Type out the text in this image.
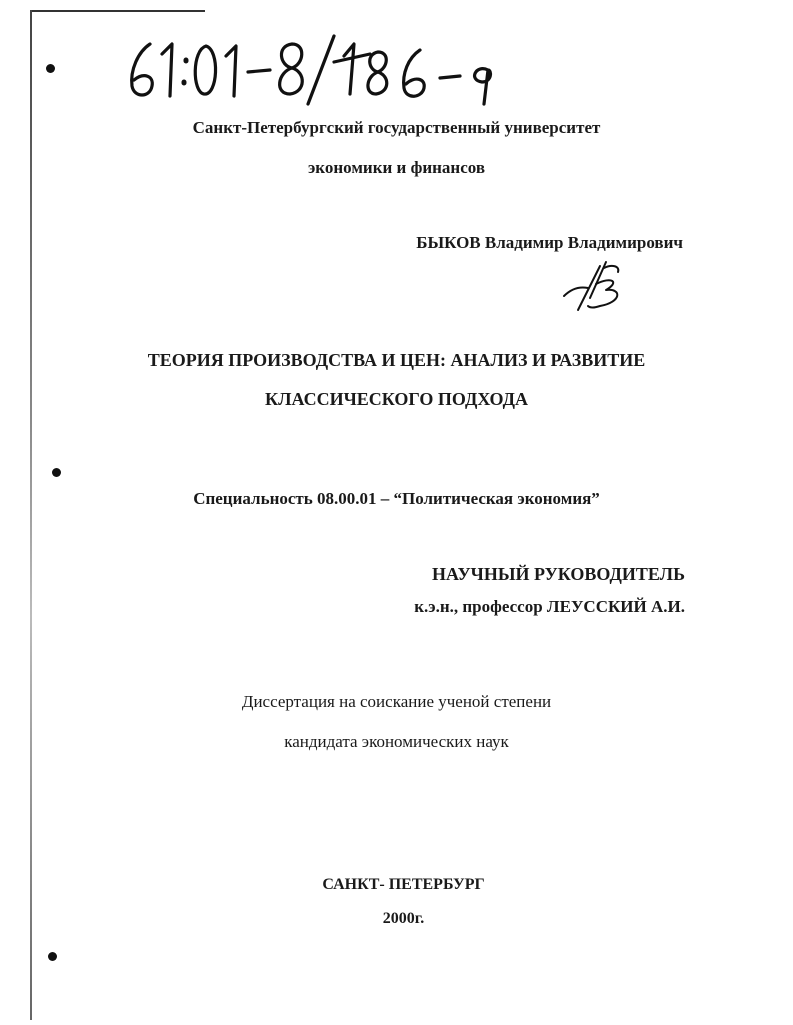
Санкт-Петербургский государственный университет
экономики и финансов
БЫКОВ Владимир Владимирович
ТЕОРИЯ ПРОИЗВОДСТВА И ЦЕН: АНАЛИЗ И РАЗВИТИЕ
КЛАССИЧЕСКОГО ПОДХОДА
Специальность 08.00.01 – “Политическая экономия”
НАУЧНЫЙ РУКОВОДИТЕЛЬ
к.э.н., профессор ЛЕУССКИЙ А.И.
Диссертация на соискание ученой степени
кандидата экономических наук
САНКТ- ПЕТЕРБУРГ
2000г.
